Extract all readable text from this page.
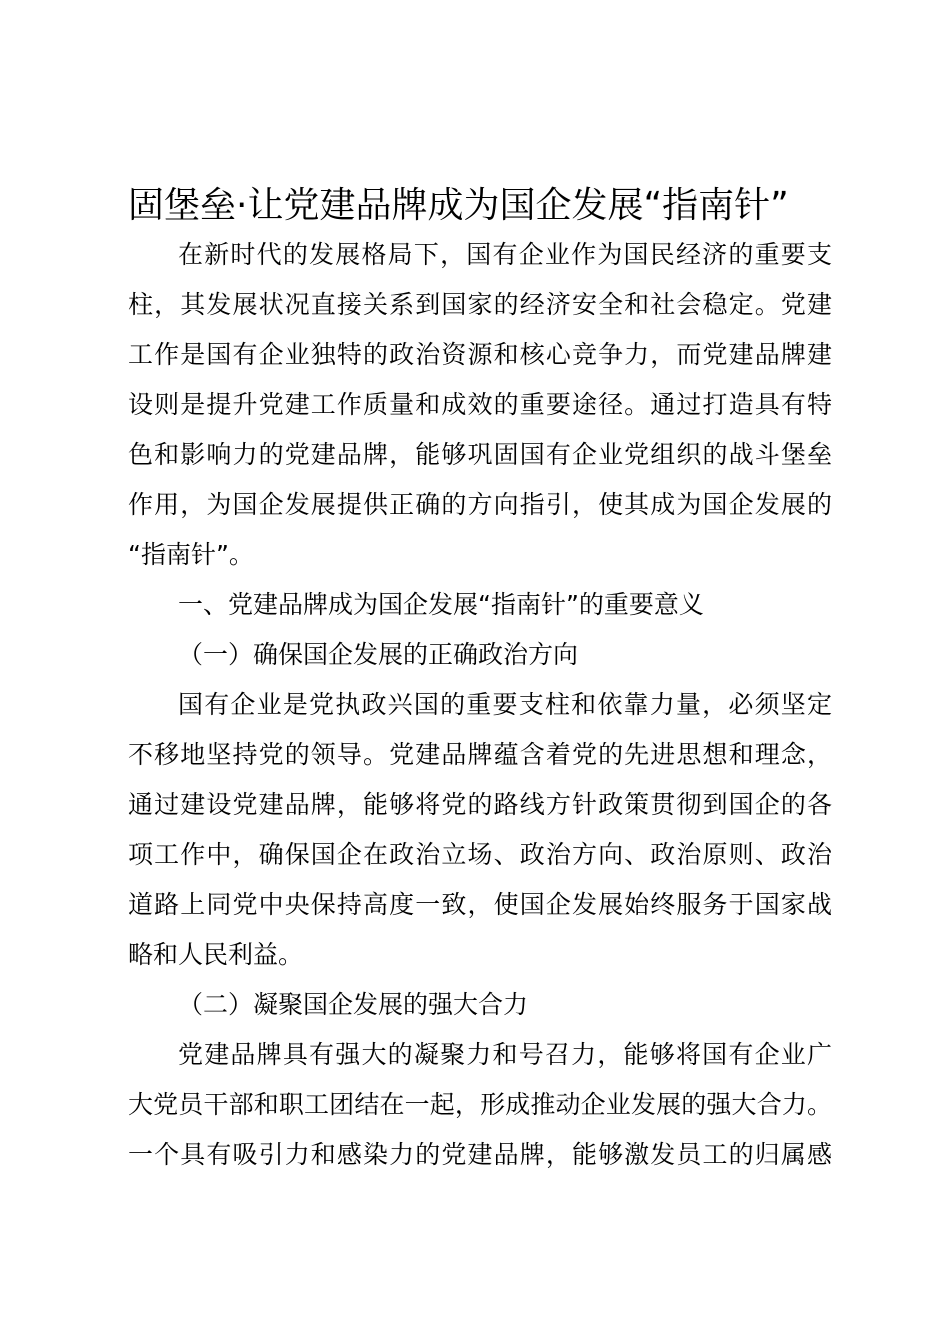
固堡垒·让党建品牌成为国企发展“指南针”
在新时代的发展格局下，国有企业作为国民经济的重要支
柱，其发展状况直接关系到国家的经济安全和社会稳定。党建
工作是国有企业独特的政治资源和核心竞争力，而党建品牌建
设则是提升党建工作质量和成效的重要途径。通过打造具有特
色和影响力的党建品牌，能够巩固国有企业党组织的战斗堡垒
作用，为国企发展提供正确的方向指引，使其成为国企发展的
“指南针”。
一、党建品牌成为国企发展“指南针”的重要意义
（一）确保国企发展的正确政治方向
国有企业是党执政兴国的重要支柱和依靠力量，必须坚定
不移地坚持党的领导。党建品牌蕴含着党的先进思想和理念，
通过建设党建品牌，能够将党的路线方针政策贯彻到国企的各
项工作中，确保国企在政治立场、政治方向、政治原则、政治
道路上同党中央保持高度一致，使国企发展始终服务于国家战
略和人民利益。
（二）凝聚国企发展的强大合力
党建品牌具有强大的凝聚力和号召力，能够将国有企业广
大党员干部和职工团结在一起，形成推动企业发展的强大合力。
一个具有吸引力和感染力的党建品牌，能够激发员工的归属感
